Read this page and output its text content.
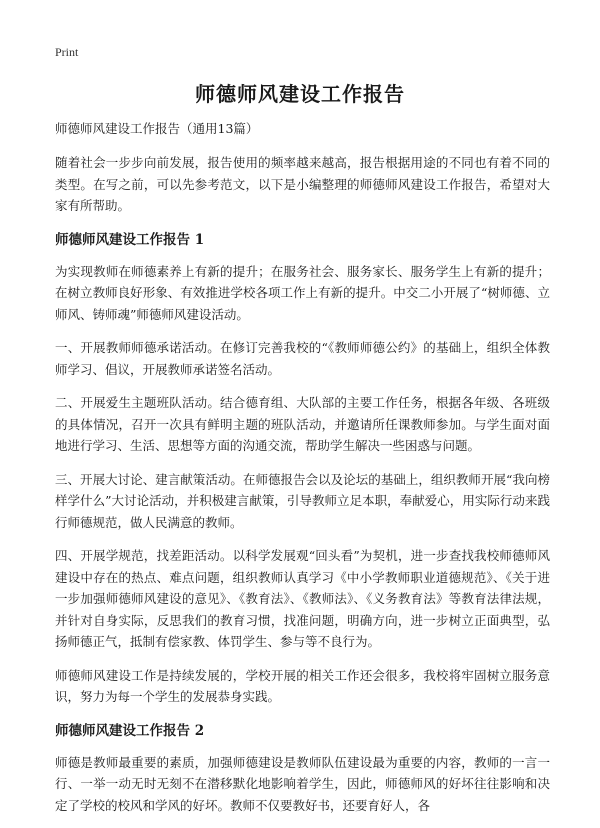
Print
师德师风建设工作报告
师德师风建设工作报告（通用13篇）

随着社会一步步向前发展，报告使用的频率越来越高，报告根据用途的不同也有着不同的类型。在写之前，可以先参考范文，以下是小编整理的师德师风建设工作报告，希望对大家有所帮助。

师德师风建设工作报告 1

为实现教师在师德素养上有新的提升；在服务社会、服务家长、服务学生上有新的提升；在树立教师良好形象、有效推进学校各项工作上有新的提升。中交二小开展了“树师德、立师风、铸师魂”师德师风建设活动。

一、开展教师师德承诺活动。在修订完善我校的“《教师师德公约》的基础上，组织全体教师学习、倡议，开展教师承诺签名活动。

二、开展爱生主题班队活动。结合德育组、大队部的主要工作任务，根据各年级、各班级的具体情况，召开一次具有鲜明主题的班队活动，并邀请所任课教师参加。与学生面对面地进行学习、生活、思想等方面的沟通交流，帮助学生解决一些困惑与问题。

三、开展大讨论、建言献策活动。在师德报告会以及论坛的基础上，组织教师开展“我向榜样学什么”大讨论活动，并积极建言献策，引导教师立足本职，奉献爱心，用实际行动来践行师德规范，做人民满意的教师。

四、开展学规范，找差距活动。以科学发展观“回头看”为契机，进一步查找我校师德师风建设中存在的热点、难点问题，组织教师认真学习《中小学教师职业道德规范》、《关于进一步加强师德师风建设的意见》、《教育法》、《教师法》、《义务教育法》等教育法律法规，并针对自身实际，反思我们的教育习惯，找准问题，明确方向，进一步树立正面典型，弘扬师德正气，抵制有偿家教、体罚学生、参与等不良行为。

师德师风建设工作是持续发展的，学校开展的相关工作还会很多，我校将牢固树立服务意识，努力为每一个学生的发展恭身实践。

师德师风建设工作报告 2

师德是教师最重要的素质，加强师德建设是教师队伍建设最为重要的内容，教师的一言一行、一举一动无时无刻不在潜移默化地影响着学生，因此，师德师风的好坏往往影响和决定了学校的校风和学风的好坏。教师不仅要教好书，还要育好人，各
